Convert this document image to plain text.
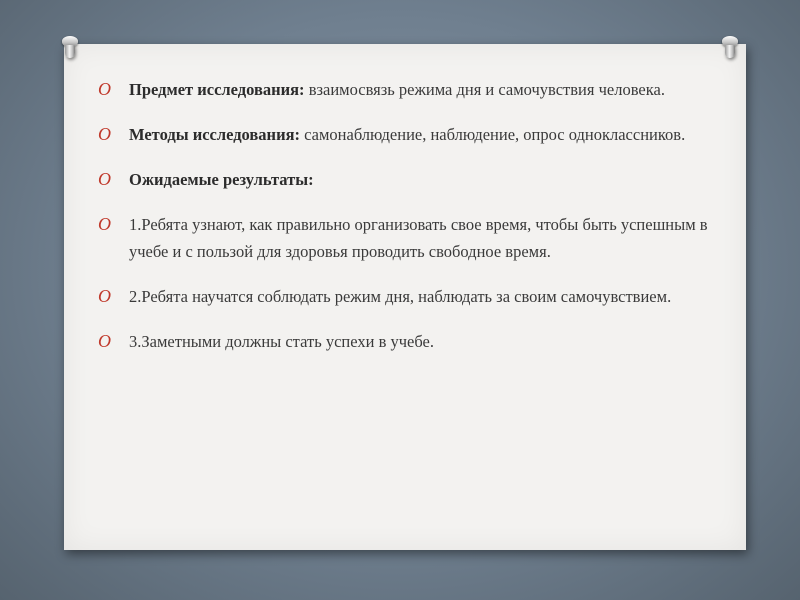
O Предмет исследования: взаимосвязь режима дня и самочувствия человека.
O Методы исследования: самонаблюдение, наблюдение, опрос одноклассников.
O Ожидаемые результаты:
O 1.Ребята узнают, как правильно организовать свое время, чтобы быть успешным в учебе и с пользой для здоровья проводить свободное время.
O 2.Ребята научатся соблюдать режим дня, наблюдать за своим самочувствием.
O 3.Заметными должны стать успехи в учебе.
